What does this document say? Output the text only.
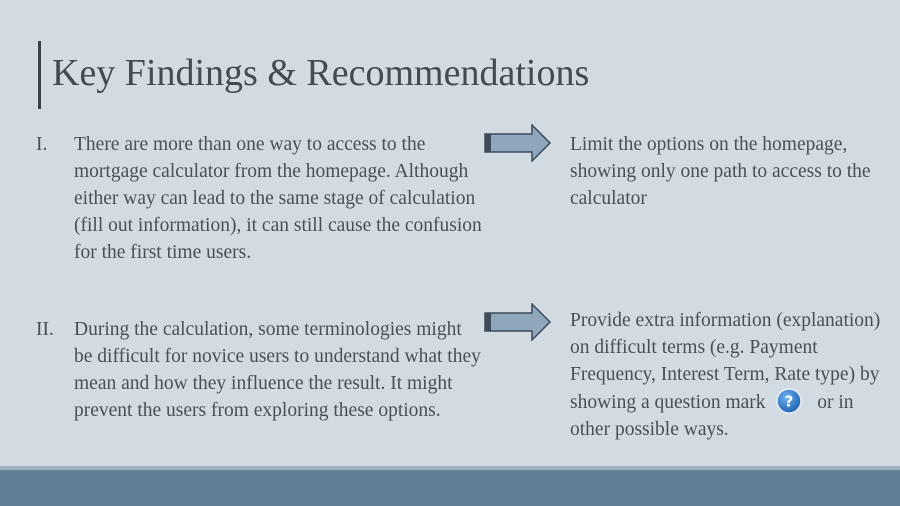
Key Findings & Recommendations
I. There are more than one way to access to the mortgage calculator from the homepage. Although either way can lead to the same stage of calculation (fill out information), it can still cause the confusion for the first time users.
Limit the options on the homepage, showing only one path to access to the calculator
II. During the calculation, some terminologies might be difficult for novice users to understand what they mean and how they influence the result. It might prevent the users from exploring these options.
Provide extra information (explanation) on difficult terms (e.g. Payment Frequency, Interest Term, Rate type) by showing a question mark ? or in other possible ways.
